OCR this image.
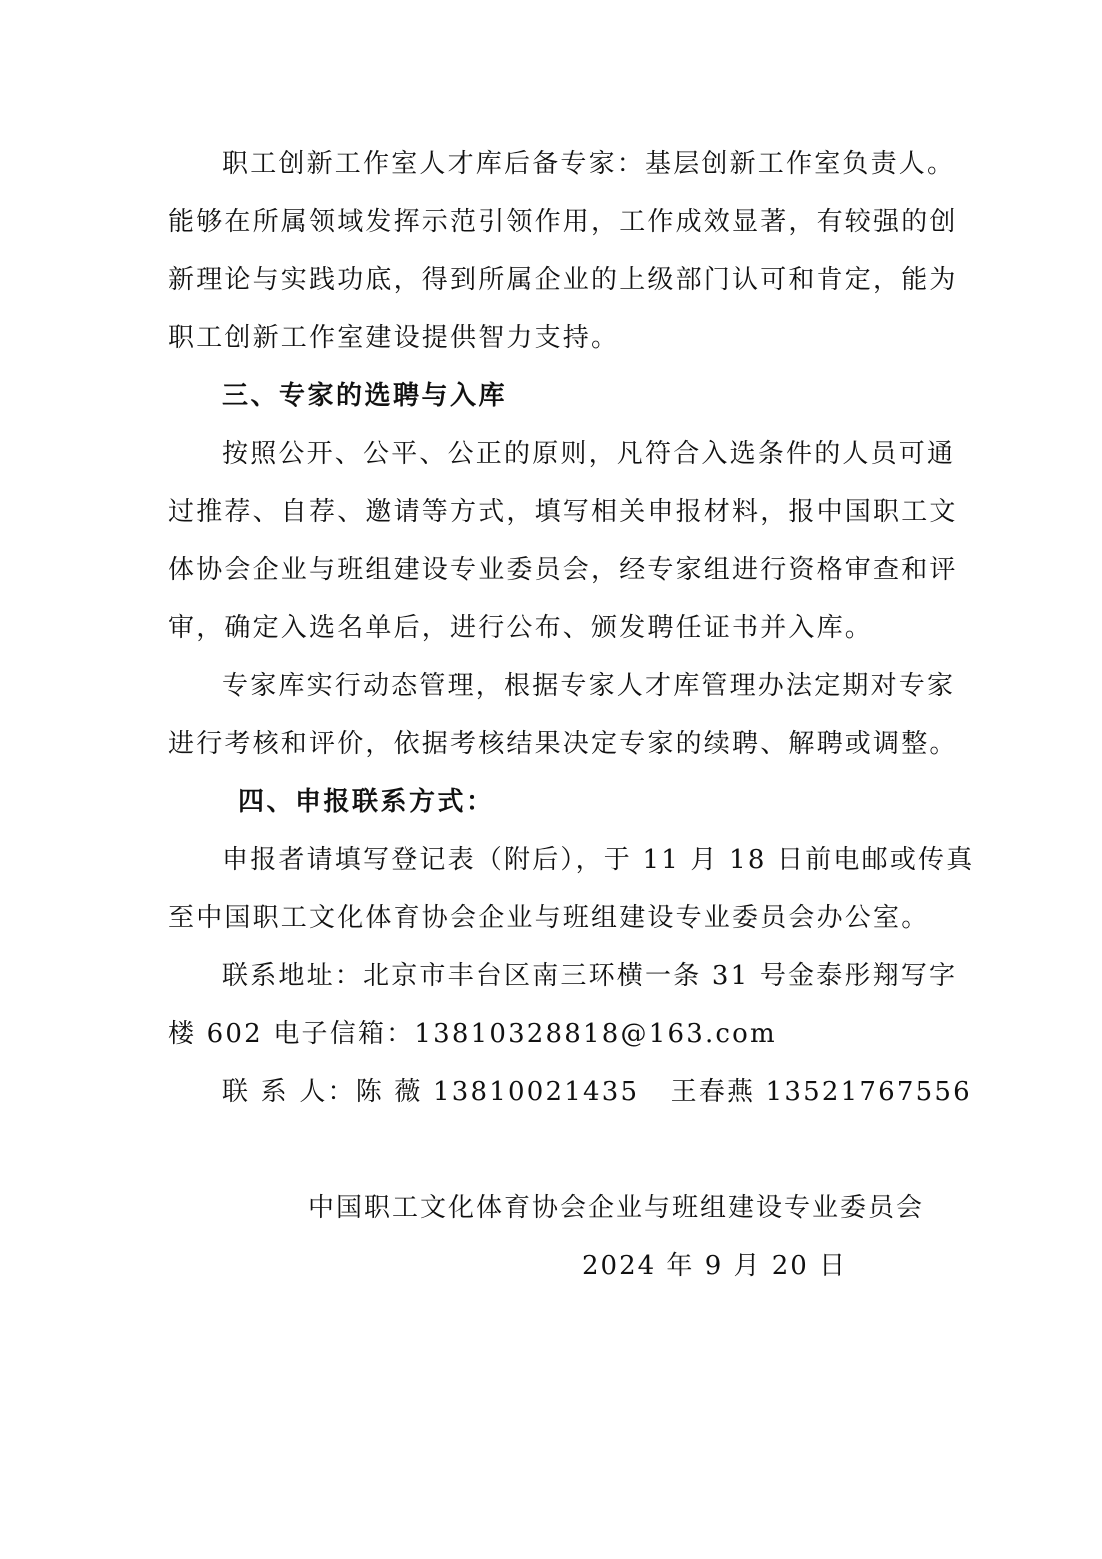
职工创新工作室人才库后备专家：基层创新工作室负责人。
能够在所属领域发挥示范引领作用，工作成效显著，有较强的创
新理论与实践功底，得到所属企业的上级部门认可和肯定，能为
职工创新工作室建设提供智力支持。
三、专家的选聘与入库
按照公开、公平、公正的原则，凡符合入选条件的人员可通
过推荐、自荐、邀请等方式，填写相关申报材料，报中国职工文
体协会企业与班组建设专业委员会，经专家组进行资格审查和评
审，确定入选名单后，进行公布、颁发聘任证书并入库。
专家库实行动态管理，根据专家人才库管理办法定期对专家
进行考核和评价，依据考核结果决定专家的续聘、解聘或调整。
四、申报联系方式：
申报者请填写登记表（附后），于 11 月 18 日前电邮或传真
至中国职工文化体育协会企业与班组建设专业委员会办公室。
联系地址：北京市丰台区南三环横一条 31 号金泰彤翔写字
楼 602 电子信箱：13810328818@163.com
联 系 人：陈 薇 13810021435   王春燕 13521767556
中国职工文化体育协会企业与班组建设专业委员会
2024 年 9 月 20 日
